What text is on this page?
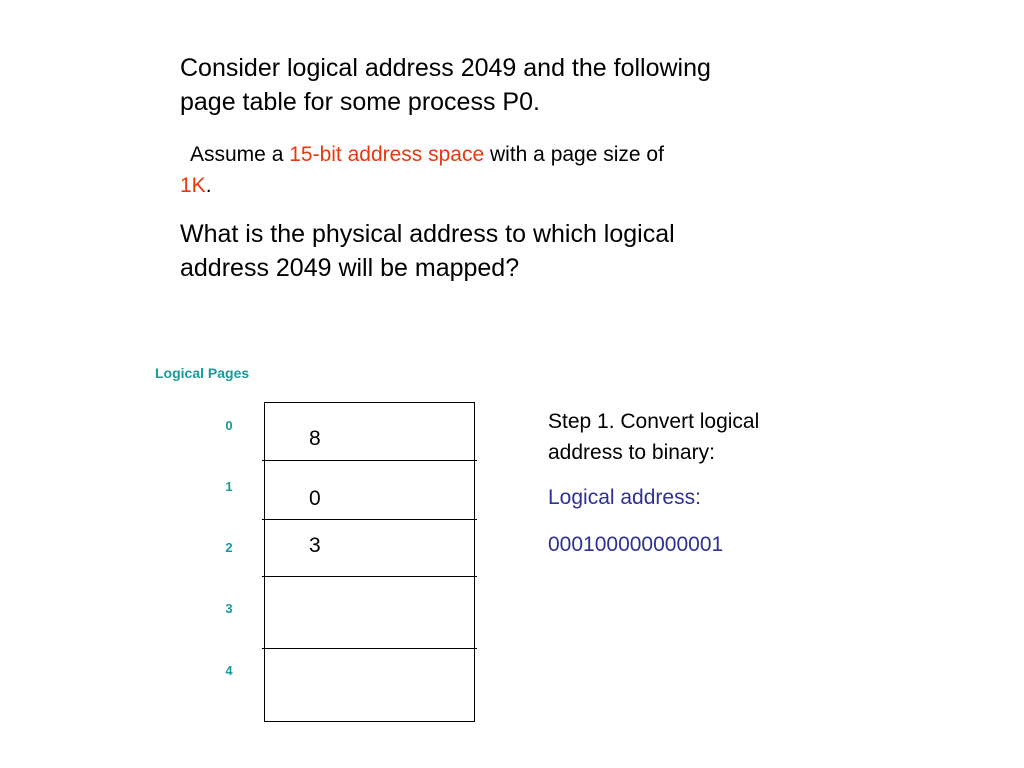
Consider logical address 2049 and the following
page table for some process P0.

Assume a 15-bit address space with a page size of
1K.

What is the physical address to which logical
address 2049 will be mapped?

Logical Pages
0
1
2
3
4
8
0
3

Step 1. Convert logical
address to binary:

Logical address:

000100000000001
